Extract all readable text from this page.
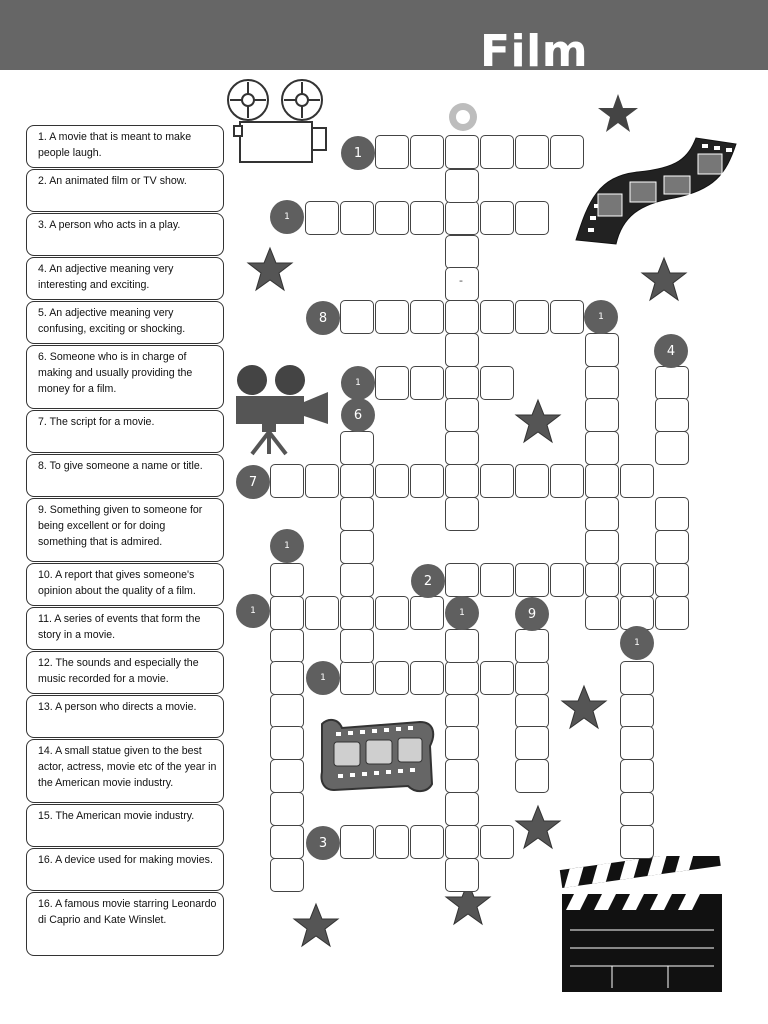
Film
1. A movie that is meant to make people laugh.
2. An animated film or TV show.
3. A person who acts in a play.
4. An adjective meaning very interesting and exciting.
5. An adjective meaning very confusing, exciting or shocking.
6. Someone who is in charge of making and usually providing the money for a film.
7. The script for a movie.
8. To give someone a name or title.
9. Something given to someone for being excellent or for doing something that is admired.
10. A report that gives someone's opinion about the quality of a film.
11. A series of events that form the story in a movie.
12. The sounds and especially the music recorded for a movie.
13. A person who directs a movie.
14. A small statue given to the best actor, actress, movie etc of the year in the American movie industry.
15. The American movie industry.
16. A device used for making movies.
16. A famous movie starring Leonardo di Caprio and Kate Winslet.
-
1
1
8	1
4
1
6
7
1
2
1	1	9
1
1
3
